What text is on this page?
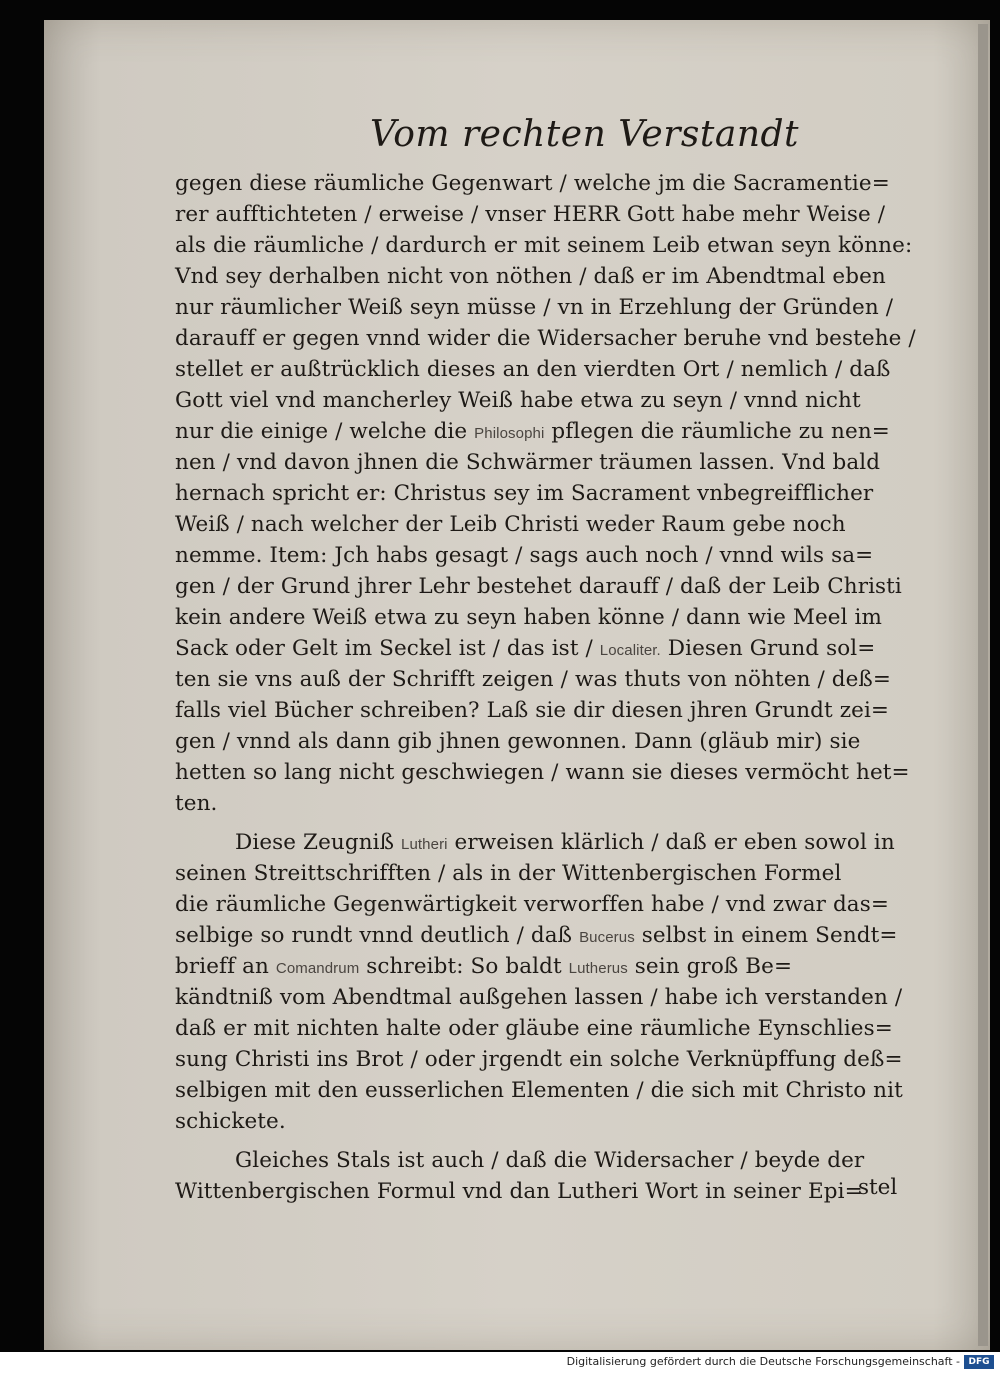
Vom rechten Verstandt
gegen diese räumliche Gegenwart / welche jm die Sacramentie=
rer aufftichteten / erweise / vnser HERR Gott habe mehr Weise /
als die räumliche / dardurch er mit seinem Leib etwan seyn könne:
Vnd sey derhalben nicht von nöthen / daß er im Abendtmal eben
nur räumlicher Weiß seyn müsse / vn in Erzehlung der Gründen /
darauff er gegen vnnd wider die Widersacher beruhe vnd bestehe /
stellet er außtrücklich dieses an den vierdten Ort / nemlich / daß
Gott viel vnd mancherley Weiß habe etwa zu seyn / vnnd nicht
nur die einige / welche die Philosophi pflegen die räumliche zu nen=
nen / vnd davon jhnen die Schwärmer träumen lassen. Vnd bald
hernach spricht er: Christus sey im Sacrament vnbegreifflicher
Weiß / nach welcher der Leib Christi weder Raum gebe noch
nemme. Item: Jch habs gesagt / sags auch noch / vnnd wils sa=
gen / der Grund jhrer Lehr bestehet darauff / daß der Leib Christi
kein andere Weiß etwa zu seyn haben könne / dann wie Meel im
Sack oder Gelt im Seckel ist / das ist / Localiter. Diesen Grund sol=
ten sie vns auß der Schrifft zeigen / was thuts von nöhten / deß=
falls viel Bücher schreiben? Laß sie dir diesen jhren Grundt zei=
gen / vnnd als dann gib jhnen gewonnen. Dann (gläub mir) sie
hetten so lang nicht geschwiegen / wann sie dieses vermöcht het=
ten.
Diese Zeugniß Lutheri erweisen klärlich / daß er eben sowol in
seinen Streittschrifften / als in der Wittenbergischen Formel
die räumliche Gegenwärtigkeit verworffen habe / vnd zwar das=
selbige so rundt vnnd deutlich / daß Bucerus selbst in einem Sendt=
brieff an Comandrum schreibt: So baldt Lutherus sein groß Be=
kändtniß vom Abendtmal außgehen lassen / habe ich verstanden /
daß er mit nichten halte oder gläube eine räumliche Eynschlies=
sung Christi ins Brot / oder jrgendt ein solche Verknüpffung deß=
selbigen mit den eusserlichen Elementen / die sich mit Christo nit
schickete.
Gleiches Stals ist auch / daß die Widersacher / beyde der
Wittenbergischen Formul vnd dan Lutheri Wort in seiner Epi=
stel
Digitalisierung gefördert durch die Deutsche Forschungsgemeinschaft - DFG
